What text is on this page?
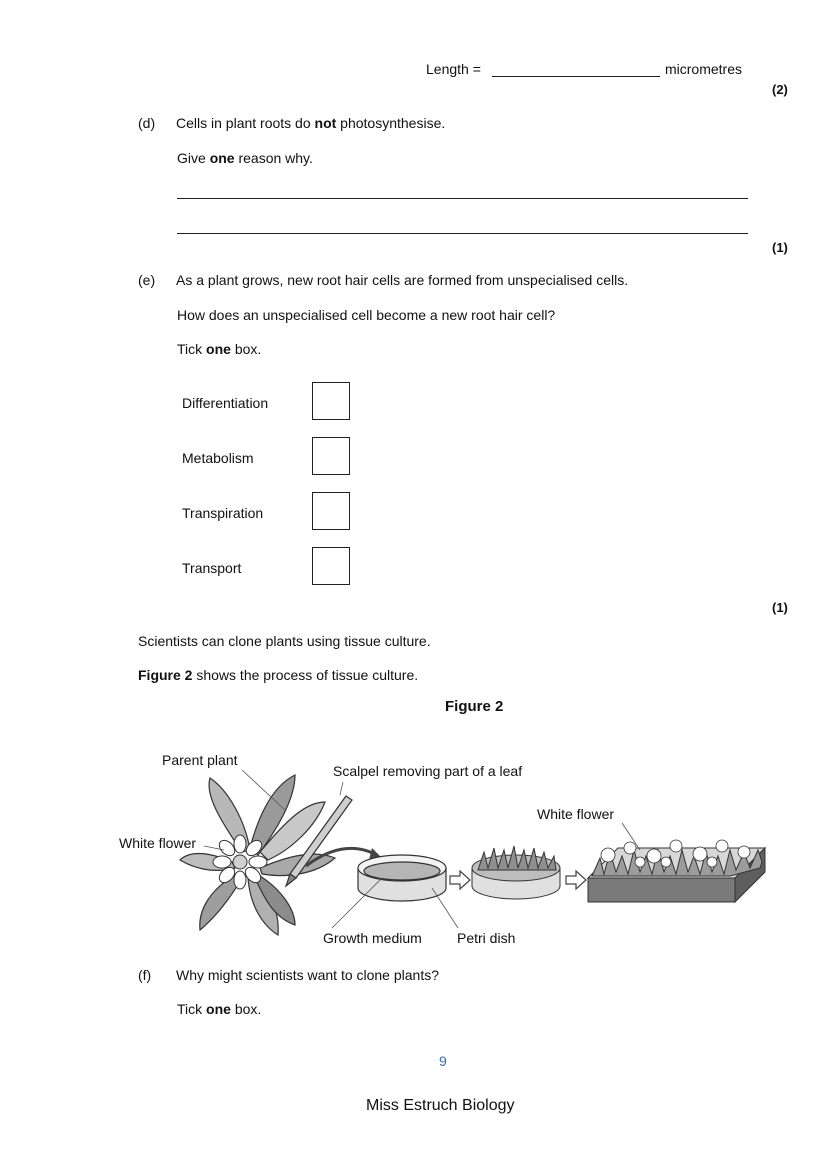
Length =	micrometres
(2)
(d) Cells in plant roots do not photosynthesise.
Give one reason why.
(1)
(e) As a plant grows, new root hair cells are formed from unspecialised cells.
How does an unspecialised cell become a new root hair cell?
Tick one box.
Differentiation
Metabolism
Transpiration
Transport
(1)
Scientists can clone plants using tissue culture.
Figure 2 shows the process of tissue culture.
Figure 2
Parent plant
Scalpel removing part of a leaf
White flower
White flower
Growth medium	Petri dish
(f) Why might scientists want to clone plants?
Tick one box.
9
Miss Estruch Biology
